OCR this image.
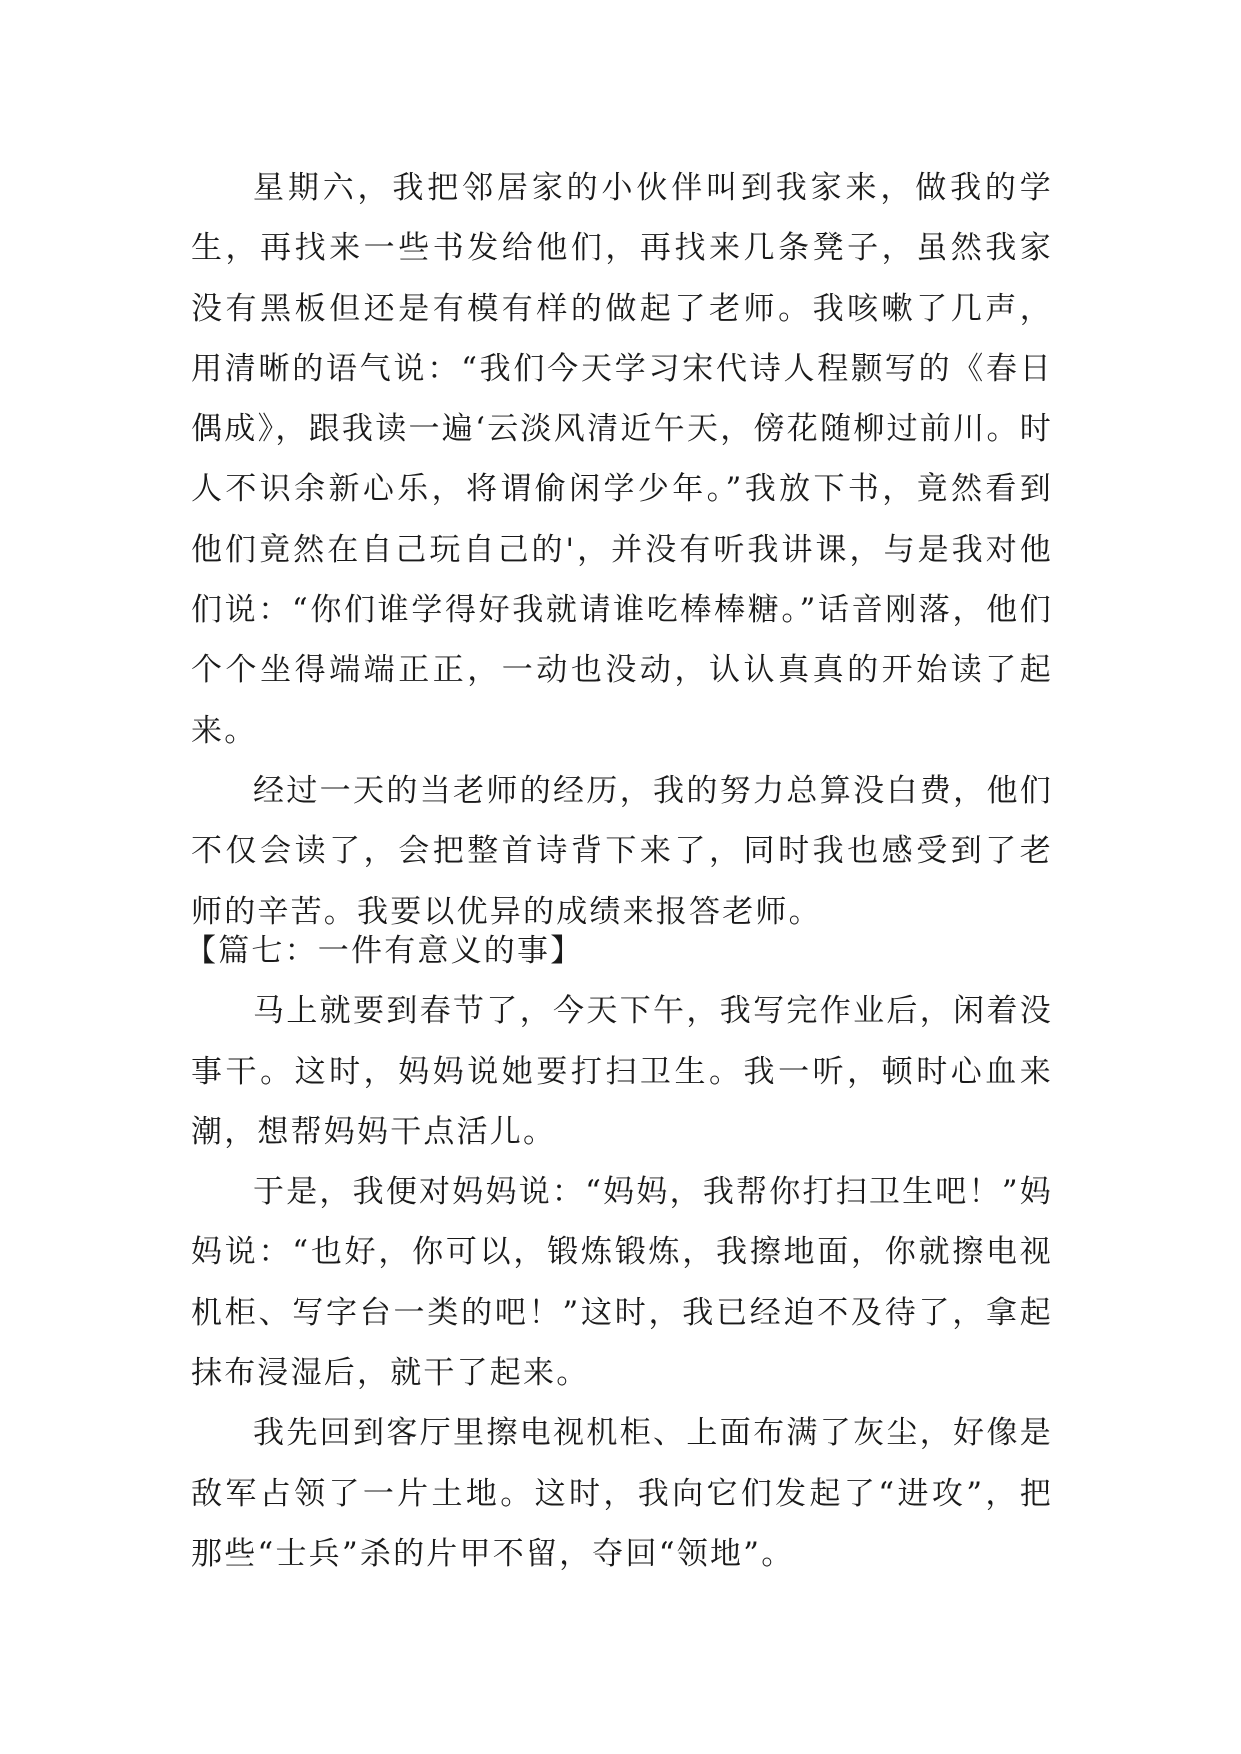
星期六，我把邻居家的小伙伴叫到我家来，做我的学生，再找来一些书发给他们，再找来几条凳子，虽然我家没有黑板但还是有模有样的做起了老师。我咳嗽了几声，用清晰的语气说：“我们今天学习宋代诗人程颢写的《春日偶成》，跟我读一遍‘云淡风清近午天，傍花随柳过前川。时人不识余新心乐，将谓偷闲学少年。”我放下书，竟然看到他们竟然在自己玩自己的'，并没有听我讲课，与是我对他们说：“你们谁学得好我就请谁吃棒棒糖。”话音刚落，他们个个坐得端端正正，一动也没动，认认真真的开始读了起来。

经过一天的当老师的经历，我的努力总算没白费，他们不仅会读了，会把整首诗背下来了，同时我也感受到了老师的辛苦。我要以优异的成绩来报答老师。

【篇七：一件有意义的事】

马上就要到春节了，今天下午，我写完作业后，闲着没事干。这时，妈妈说她要打扫卫生。我一听，顿时心血来潮，想帮妈妈干点活儿。

于是，我便对妈妈说：“妈妈，我帮你打扫卫生吧！”妈妈说：“也好，你可以，锻炼锻炼，我擦地面，你就擦电视机柜、写字台一类的吧！”这时，我已经迫不及待了，拿起抹布浸湿后，就干了起来。

我先回到客厅里擦电视机柜、上面布满了灰尘，好像是敌军占领了一片土地。这时，我向它们发起了“进攻”，把那些“士兵”杀的片甲不留，夺回“领地”。
